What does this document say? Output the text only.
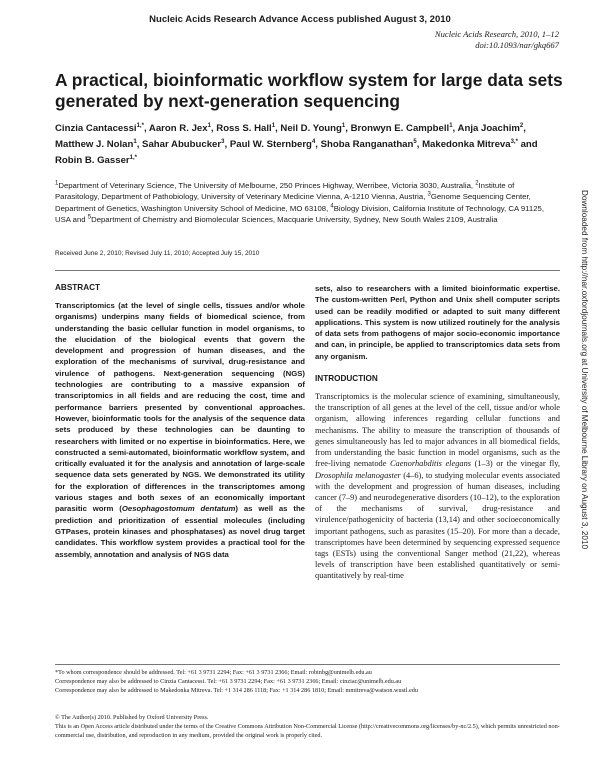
Nucleic Acids Research Advance Access published August 3, 2010
Nucleic Acids Research, 2010, 1–12
doi:10.1093/nar/gkq667
A practical, bioinformatic workflow system for large data sets generated by next-generation sequencing
Cinzia Cantacessi$^{1,*}$, Aaron R. Jex$^1$, Ross S. Hall$^1$, Neil D. Young$^1$, Bronwyn E. Campbell$^1$, Anja Joachim$^2$, Matthew J. Nolan$^1$, Sahar Abubucker$^3$, Paul W. Sternberg$^4$, Shoba Ranganathan$^5$, Makedonka Mitreva$^{3,*}$ and Robin B. Gasser$^{1,*}$
$^1$Department of Veterinary Science, The University of Melbourne, 250 Princes Highway, Werribee, Victoria 3030, Australia, $^2$Institute of Parasitology, Department of Pathobiology, University of Veterinary Medicine Vienna, A-1210 Vienna, Austria, $^3$Genome Sequencing Center, Department of Genetics, Washington University School of Medicine, MO 63108, $^4$Biology Division, California Institute of Technology, CA 91125, USA and $^5$Department of Chemistry and Biomolecular Sciences, Macquarie University, Sydney, New South Wales 2109, Australia
Received June 2, 2010; Revised July 11, 2010; Accepted July 15, 2010
ABSTRACT

Transcriptomics (at the level of single cells, tissues and/or whole organisms) underpins many fields of biomedical science, from understanding the basic cellular function in model organisms, to the elucidation of the biological events that govern the development and progression of human diseases, and the exploration of the mechanisms of survival, drug-resistance and virulence of pathogens. Next-generation sequencing (NGS) technologies are contributing to a massive expansion of transcriptomics in all fields and are reducing the cost, time and performance barriers presented by conventional approaches. However, bioinformatic tools for the analysis of the sequence data sets produced by these technologies can be daunting to researchers with limited or no expertise in bioinformatics. Here, we constructed a semi-automated, bioinformatic workflow system, and critically evaluated it for the analysis and annotation of large-scale sequence data sets generated by NGS. We demonstrated its utility for the exploration of differences in the transcriptomes among various stages and both sexes of an economically important parasitic worm (Oesophagostomum dentatum) as well as the prediction and prioritization of essential molecules (including GTPases, protein kinases and phosphatases) as novel drug target candidates. This workflow system provides a practical tool for the assembly, annotation and analysis of NGS data

sets, also to researchers with a limited bioinformatic expertise. The custom-written Perl, Python and Unix shell computer scripts used can be readily modified or adapted to suit many different applications. This system is now utilized routinely for the analysis of data sets from pathogens of major socio-economic importance and can, in principle, be applied to transcriptomics data sets from any organism.

INTRODUCTION

Transcriptomics is the molecular science of examining, simultaneously, the transcription of all genes at the level of the cell, tissue and/or whole organism, allowing inferences regarding cellular functions and mechanisms. The ability to measure the transcription of thousands of genes simultaneously has led to major advances in all biomedical fields, from understanding the basic function in model organisms, such as the free-living nematode Caenorhabditis elegans (1–3) or the vinegar fly, Drosophila melanogaster (4–6), to studying molecular events associated with the development and progression of human diseases, including cancer (7–9) and neurodegenerative disorders (10–12), to the exploration of the mechanisms of survival, drug-resistance and virulence/pathogenicity of bacteria (13,14) and other socioeconomically important pathogens, such as parasites (15–20). For more than a decade, transcriptomes have been determined by sequencing expressed sequence tags (ESTs) using the conventional Sanger method (21,22), whereas levels of transcription have been established quantitatively or semi-quantitatively by real-time

*To whom correspondence should be addressed. Tel: +61 3 9731 2294; Fax: +61 3 9731 2366; Email: robinbg@unimelb.edu.au
Correspondence may also be addressed to Cinzia Cantacessi. Tel: +61 3 9731 2294; Fax: +61 3 9731 2366; Email: cinziac@unimelb.edu.au
Correspondence may also be addressed to Makedonka Mitreva. Tel: +1 314 286 1118; Fax: +1 314 286 1810; Email: mmitreva@watson.wustl.edu
© The Author(s) 2010. Published by Oxford University Press.
This is an Open Access article distributed under the terms of the Creative Commons Attribution Non-Commercial License (http://creativecommons.org/licenses/by-nc/2.5), which permits unrestricted non-commercial use, distribution, and reproduction in any medium, provided the original work is properly cited.
Downloaded from http://nar.oxfordjournals.org at University of Melbourne Library on August 3, 2010
